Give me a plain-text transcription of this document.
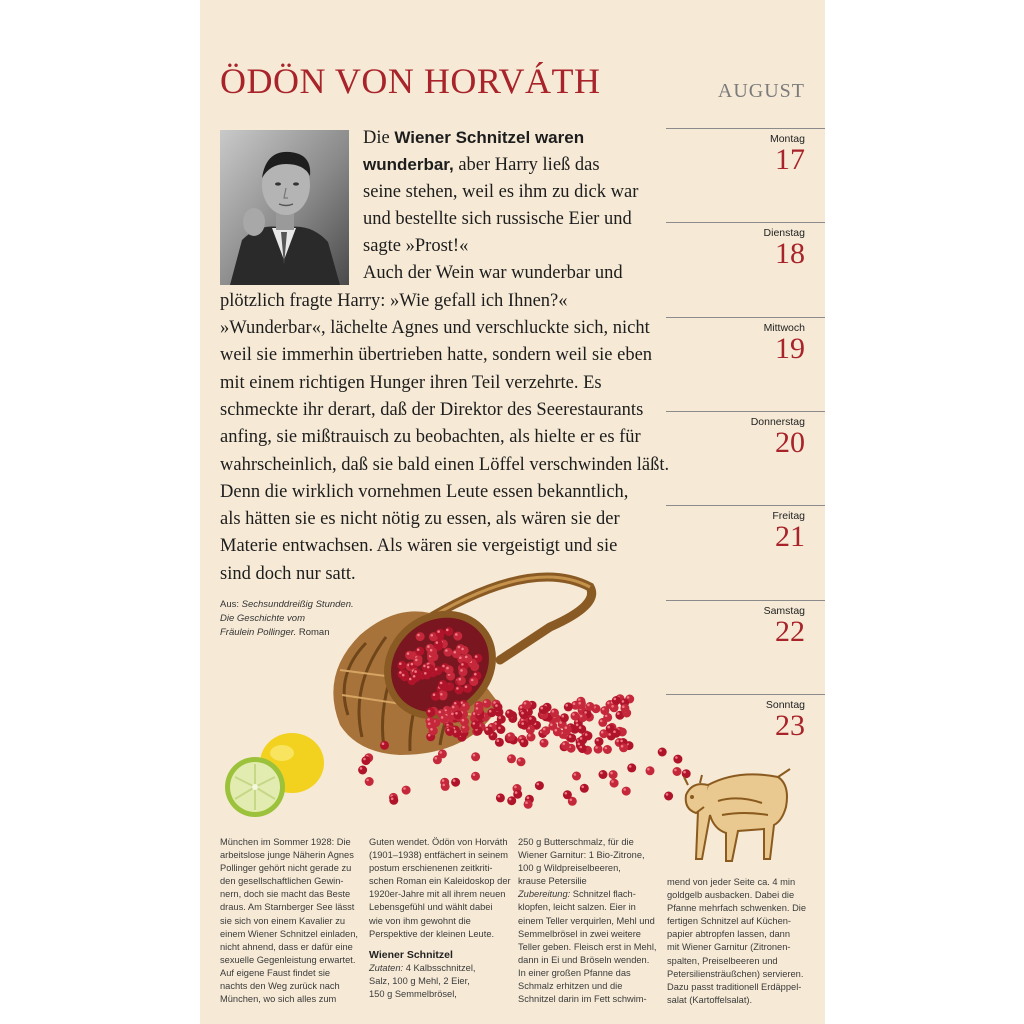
ÖDÖN VON HORVÁTH	AUGUST
Die Wiener Schnitzel waren
wunderbar, aber Harry ließ das
seine stehen, weil es ihm zu dick war
und bestellte sich russische Eier und
sagte »Prost!«
Auch der Wein war wunderbar und
plötzlich fragte Harry: »Wie gefall ich Ihnen?«
»Wunderbar«, lächelte Agnes und verschluckte sich, nicht
weil sie immerhin übertrieben hatte, sondern weil sie eben
mit einem richtigen Hunger ihren Teil verzehrte. Es
schmeckte ihr derart, daß der Direktor des Seerestaurants
anfing, sie mißtrauisch zu beobachten, als hielte er es für
wahrscheinlich, daß sie bald einen Löffel verschwinden läßt.
Denn die wirklich vornehmen Leute essen bekanntlich,
als hätten sie es nicht nötig zu essen, als wären sie der
Materie entwachsen. Als wären sie vergeistigt und sie
sind doch nur satt.
Aus: Sechsunddreißig Stunden.
Die Geschichte vom
Fräulein Pollinger. Roman
Montag
17
Dienstag
18
Mittwoch
19
Donnerstag
20
Freitag
21
Samstag
22
Sonntag
23
München im Sommer 1928: Die
arbeitslose junge Näherin Agnes
Pollinger gehört nicht gerade zu
den gesellschaftlichen Gewin-
nern, doch sie macht das Beste
draus. Am Starnberger See lässt
sie sich von einem Kavalier zu
einem Wiener Schnitzel einladen,
nicht ahnend, dass er dafür eine
sexuelle Gegenleistung erwartet.
Auf eigene Faust findet sie
nachts den Weg zurück nach
München, wo sich alles zum
Guten wendet. Ödön von Horváth
(1901–1938) entfächert in seinem
postum erschienenen zeitkriti-
schen Roman ein Kaleidoskop der
1920er-Jahre mit all ihrem neuen
Lebensgefühl und wählt dabei
wie von ihm gewohnt die
Perspektive der kleinen Leute.
Wiener Schnitzel
Zutaten: 4 Kalbsschnitzel,
Salz, 100 g Mehl, 2 Eier,
150 g Semmelbrösel,
250 g Butterschmalz, für die
Wiener Garnitur: 1 Bio-Zitrone,
100 g Wildpreiselbeeren,
krause Petersilie
Zubereitung: Schnitzel flach-
klopfen, leicht salzen. Eier in
einem Teller verquirlen, Mehl und
Semmelbrösel in zwei weitere
Teller geben. Fleisch erst in Mehl,
dann in Ei und Bröseln wenden.
In einer großen Pfanne das
Schmalz erhitzen und die
Schnitzel darin im Fett schwim-
mend von jeder Seite ca. 4 min
goldgelb ausbacken. Dabei die
Pfanne mehrfach schwenken. Die
fertigen Schnitzel auf Küchen-
papier abtropfen lassen, dann
mit Wiener Garnitur (Zitronen-
spalten, Preiselbeeren und
Petersiliensträußchen) servieren.
Dazu passt traditionell Erdäppel-
salat (Kartoffelsalat).
